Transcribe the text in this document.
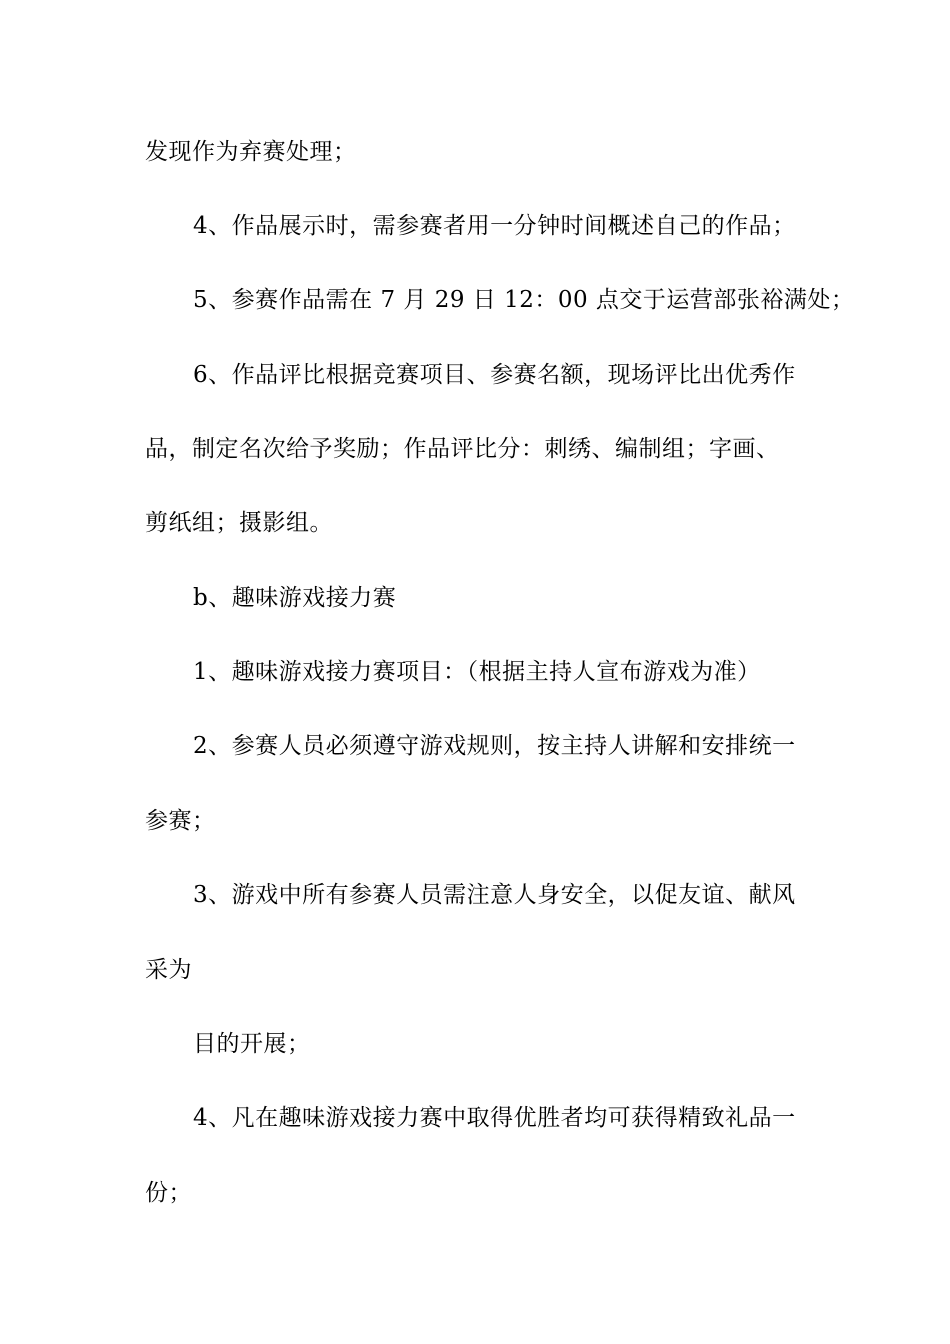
发现作为弃赛处理；
4、作品展示时，需参赛者用一分钟时间概述自己的作品；
5、参赛作品需在 7 月 29 日 12：00 点交于运营部张裕满处；
6、作品评比根据竞赛项目、参赛名额，现场评比出优秀作
品，制定名次给予奖励；作品评比分：刺绣、编制组；字画、
剪纸组；摄影组。
b、趣味游戏接力赛
1、趣味游戏接力赛项目：（根据主持人宣布游戏为准）
2、参赛人员必须遵守游戏规则，按主持人讲解和安排统一
参赛；
3、游戏中所有参赛人员需注意人身安全，以促友谊、献风
采为
目的开展；
4、凡在趣味游戏接力赛中取得优胜者均可获得精致礼品一
份；
